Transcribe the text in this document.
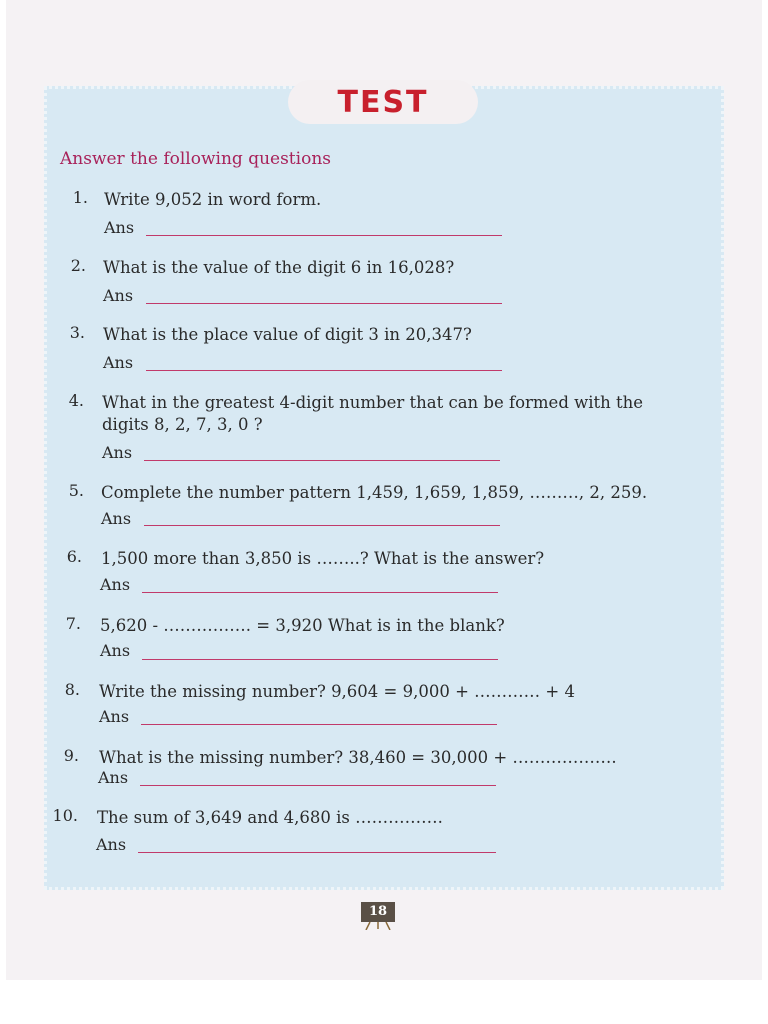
TEST
Answer the following questions
1. Write 9,052 in word form.
Ans
2. What is the value of the digit 6 in 16,028?
Ans
3. What is the place value of digit 3 in 20,347?
Ans
4. What in the greatest 4-digit number that can be formed with the
digits 8, 2, 7, 3, 0 ?
Ans
5. Complete the number pattern 1,459, 1,659, 1,859, ………, 2, 259.
Ans
6. 1,500 more than 3,850 is ……..? What is the answer?
Ans
7. 5,620 - ……………. = 3,920 What is in the blank?
Ans
8. Write the missing number? 9,604 = 9,000 + ………… + 4
Ans
9. What is the missing number? 38,460 = 30,000 + ……………….
Ans
10. The sum of 3,649 and 4,680 is …………….
Ans
18
